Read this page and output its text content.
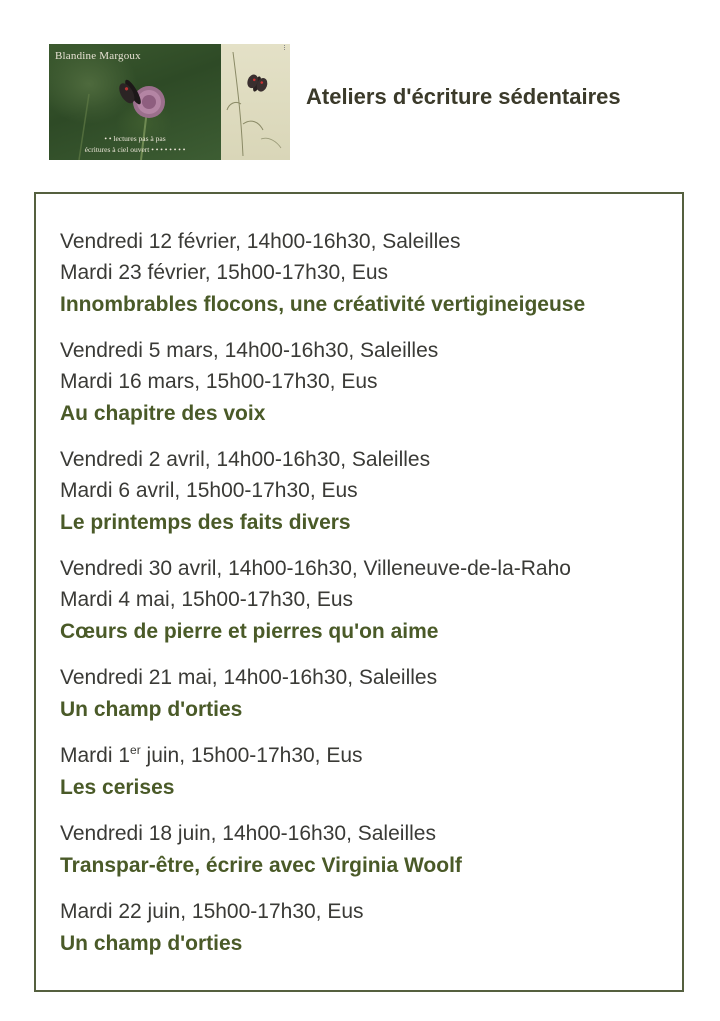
Blandine Margoux
• • lectures pas à pas
écritures à ciel ouvert • • • • • • • •
Ateliers d'écriture sédentaires
Vendredi 12 février, 14h00-16h30, Saleilles
Mardi 23 février, 15h00-17h30, Eus
Innombrables flocons, une créativité vertigineigeuse
Vendredi 5 mars, 14h00-16h30, Saleilles
Mardi 16 mars, 15h00-17h30, Eus
Au chapitre des voix
Vendredi 2 avril, 14h00-16h30, Saleilles
Mardi 6 avril, 15h00-17h30, Eus
Le printemps des faits divers
Vendredi 30 avril, 14h00-16h30, Villeneuve-de-la-Raho
Mardi 4 mai, 15h00-17h30, Eus
Cœurs de pierre et pierres qu'on aime
Vendredi 21 mai, 14h00-16h30, Saleilles
Un champ d'orties
Mardi 1er juin, 15h00-17h30, Eus
Les cerises
Vendredi 18 juin, 14h00-16h30, Saleilles
Transpar-être, écrire avec Virginia Woolf
Mardi 22 juin, 15h00-17h30, Eus
Un champ d'orties
